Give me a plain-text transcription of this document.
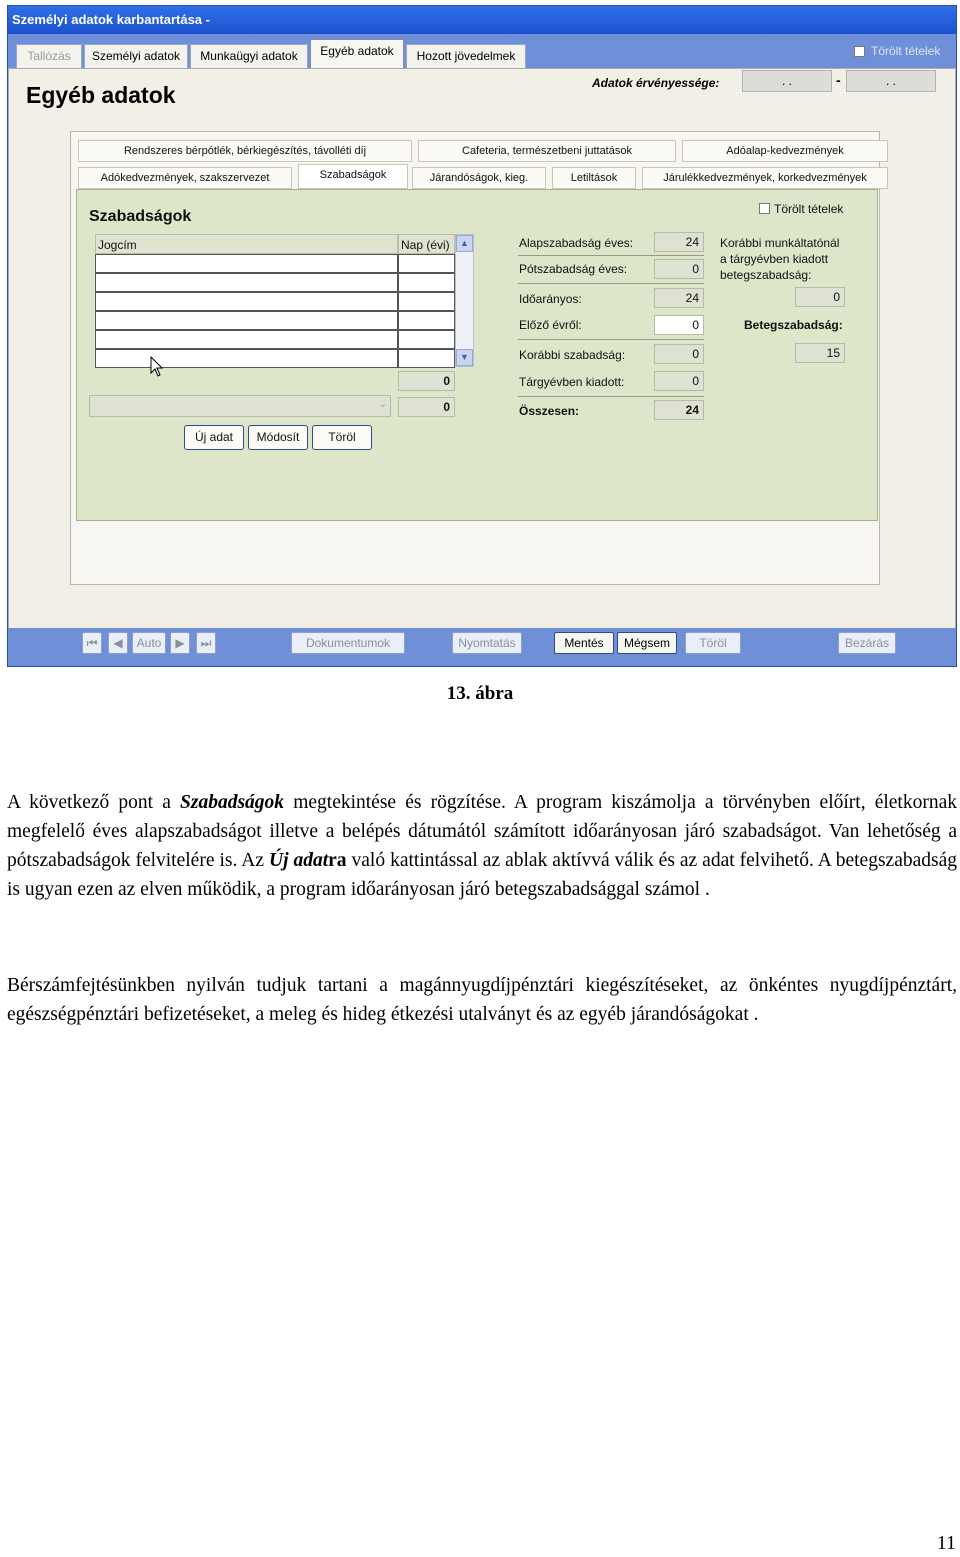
Személyi adatok karbantartása -
Tallózás	Személyi adatok	Munkaügyi adatok	Egyéb adatok	Hozott jövedelmek	Törölt tételek
Egyéb adatok	Adatok érvényessége:	. .	-	. .
Rendszeres bérpótlék, bérkiegészítés, távolléti díj	Cafeteria, természetbeni juttatások	Adóalap-kedvezmények
Adókedvezmények, szakszervezet	Szabadságok	Járandóságok, kieg.	Letiltások	Járulékkedvezmények, korkedvezmények
Szabadságok	Törölt tételek
Jogcím	Nap (évi)	▲
▼
0
⌄	0
Új adat	Módosít	Töröl
Alapszabadság éves:	24
Pótszabadság éves:	0
Időarányos:	24
Előző évről:	0
Korábbi szabadság:	0
Tárgyévben kiadott:	0
Összesen:	24
Korábbi munkáltatónál
a tárgyévben kiadott
betegszabadság:
0
Betegszabadság:
15
⏮	◀	Auto	▶	⏭	Dokumentumok	Nyomtatás	Mentés	Mégsem	Töröl	Bezárás
13. ábra
A következő pont a Szabadságok megtekintése és rögzítése. A program kiszámolja a törvényben előírt, életkornak megfelelő éves alapszabadságot illetve a belépés dátumától számított időarányosan járó szabadságot. Van lehetőség a pótszabadságok felvitelére is. Az Új adatra való kattintással az ablak aktívvá válik és az adat felvihető. A betegszabadság is ugyan ezen az elven működik, a program időarányosan járó betegszabadsággal számol .
Bérszámfejtésünkben nyilván tudjuk tartani a magánnyugdíjpénztári kiegészítéseket, az önkéntes nyugdíjpénztárt, egészségpénztári befizetéseket, a meleg és hideg étkezési utalványt és az egyéb járandóságokat .
11
